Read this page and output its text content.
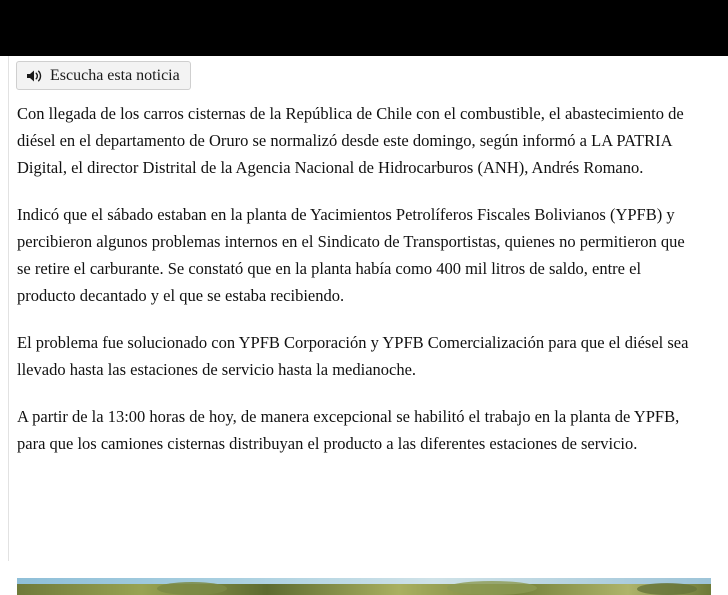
Escucha esta noticia

Con llegada de los carros cisternas de la República de Chile con el combustible, el abastecimiento de diésel en el departamento de Oruro se normalizó desde este domingo, según informó a LA PATRIA Digital, el director Distrital de la Agencia Nacional de Hidrocarburos (ANH), Andrés Romano.

Indicó que el sábado estaban en la planta de Yacimientos Petrolíferos Fiscales Bolivianos (YPFB) y percibieron algunos problemas internos en el Sindicato de Transportistas, quienes no permitieron que se retire el carburante. Se constató que en la planta había como 400 mil litros de saldo, entre el producto decantado y el que se estaba recibiendo.

El problema fue solucionado con YPFB Corporación y YPFB Comercialización para que el diésel sea llevado hasta las estaciones de servicio hasta la medianoche.

A partir de la 13:00 horas de hoy, de manera excepcional se habilitó el trabajo en la planta de YPFB, para que los camiones cisternas distribuyan el producto a las diferentes estaciones de servicio.
